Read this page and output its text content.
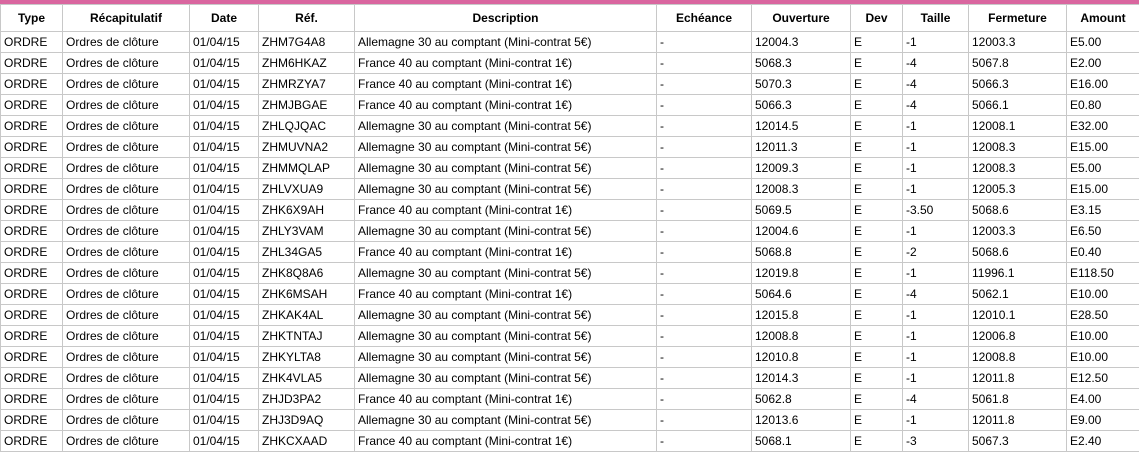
Type	Récapitulatif	Date	Réf.	Description	Echéance	Ouverture	Dev	Taille	Fermeture	Amount
ORDRE	Ordres de clôture	01/04/15	ZHM7G4A8	Allemagne 30 au comptant (Mini-contrat 5€)	-	12004.3	E	-1	12003.3	E5.00
ORDRE	Ordres de clôture	01/04/15	ZHM6HKAZ	France 40 au comptant (Mini-contrat 1€)	-	5068.3	E	-4	5067.8	E2.00
ORDRE	Ordres de clôture	01/04/15	ZHMRZYA7	France 40 au comptant (Mini-contrat 1€)	-	5070.3	E	-4	5066.3	E16.00
ORDRE	Ordres de clôture	01/04/15	ZHMJBGAE	France 40 au comptant (Mini-contrat 1€)	-	5066.3	E	-4	5066.1	E0.80
ORDRE	Ordres de clôture	01/04/15	ZHLQJQAC	Allemagne 30 au comptant (Mini-contrat 5€)	-	12014.5	E	-1	12008.1	E32.00
ORDRE	Ordres de clôture	01/04/15	ZHMUVNA2	Allemagne 30 au comptant (Mini-contrat 5€)	-	12011.3	E	-1	12008.3	E15.00
ORDRE	Ordres de clôture	01/04/15	ZHMMQLAP	Allemagne 30 au comptant (Mini-contrat 5€)	-	12009.3	E	-1	12008.3	E5.00
ORDRE	Ordres de clôture	01/04/15	ZHLVXUA9	Allemagne 30 au comptant (Mini-contrat 5€)	-	12008.3	E	-1	12005.3	E15.00
ORDRE	Ordres de clôture	01/04/15	ZHK6X9AH	France 40 au comptant (Mini-contrat 1€)	-	5069.5	E	-3.50	5068.6	E3.15
ORDRE	Ordres de clôture	01/04/15	ZHLY3VAM	Allemagne 30 au comptant (Mini-contrat 5€)	-	12004.6	E	-1	12003.3	E6.50
ORDRE	Ordres de clôture	01/04/15	ZHL34GA5	France 40 au comptant (Mini-contrat 1€)	-	5068.8	E	-2	5068.6	E0.40
ORDRE	Ordres de clôture	01/04/15	ZHK8Q8A6	Allemagne 30 au comptant (Mini-contrat 5€)	-	12019.8	E	-1	11996.1	E118.50
ORDRE	Ordres de clôture	01/04/15	ZHK6MSAH	France 40 au comptant (Mini-contrat 1€)	-	5064.6	E	-4	5062.1	E10.00
ORDRE	Ordres de clôture	01/04/15	ZHKAK4AL	Allemagne 30 au comptant (Mini-contrat 5€)	-	12015.8	E	-1	12010.1	E28.50
ORDRE	Ordres de clôture	01/04/15	ZHKTNTAJ	Allemagne 30 au comptant (Mini-contrat 5€)	-	12008.8	E	-1	12006.8	E10.00
ORDRE	Ordres de clôture	01/04/15	ZHKYLTA8	Allemagne 30 au comptant (Mini-contrat 5€)	-	12010.8	E	-1	12008.8	E10.00
ORDRE	Ordres de clôture	01/04/15	ZHK4VLA5	Allemagne 30 au comptant (Mini-contrat 5€)	-	12014.3	E	-1	12011.8	E12.50
ORDRE	Ordres de clôture	01/04/15	ZHJD3PA2	France 40 au comptant (Mini-contrat 1€)	-	5062.8	E	-4	5061.8	E4.00
ORDRE	Ordres de clôture	01/04/15	ZHJ3D9AQ	Allemagne 30 au comptant (Mini-contrat 5€)	-	12013.6	E	-1	12011.8	E9.00
ORDRE	Ordres de clôture	01/04/15	ZHKCXAAD	France 40 au comptant (Mini-contrat 1€)	-	5068.1	E	-3	5067.3	E2.40
